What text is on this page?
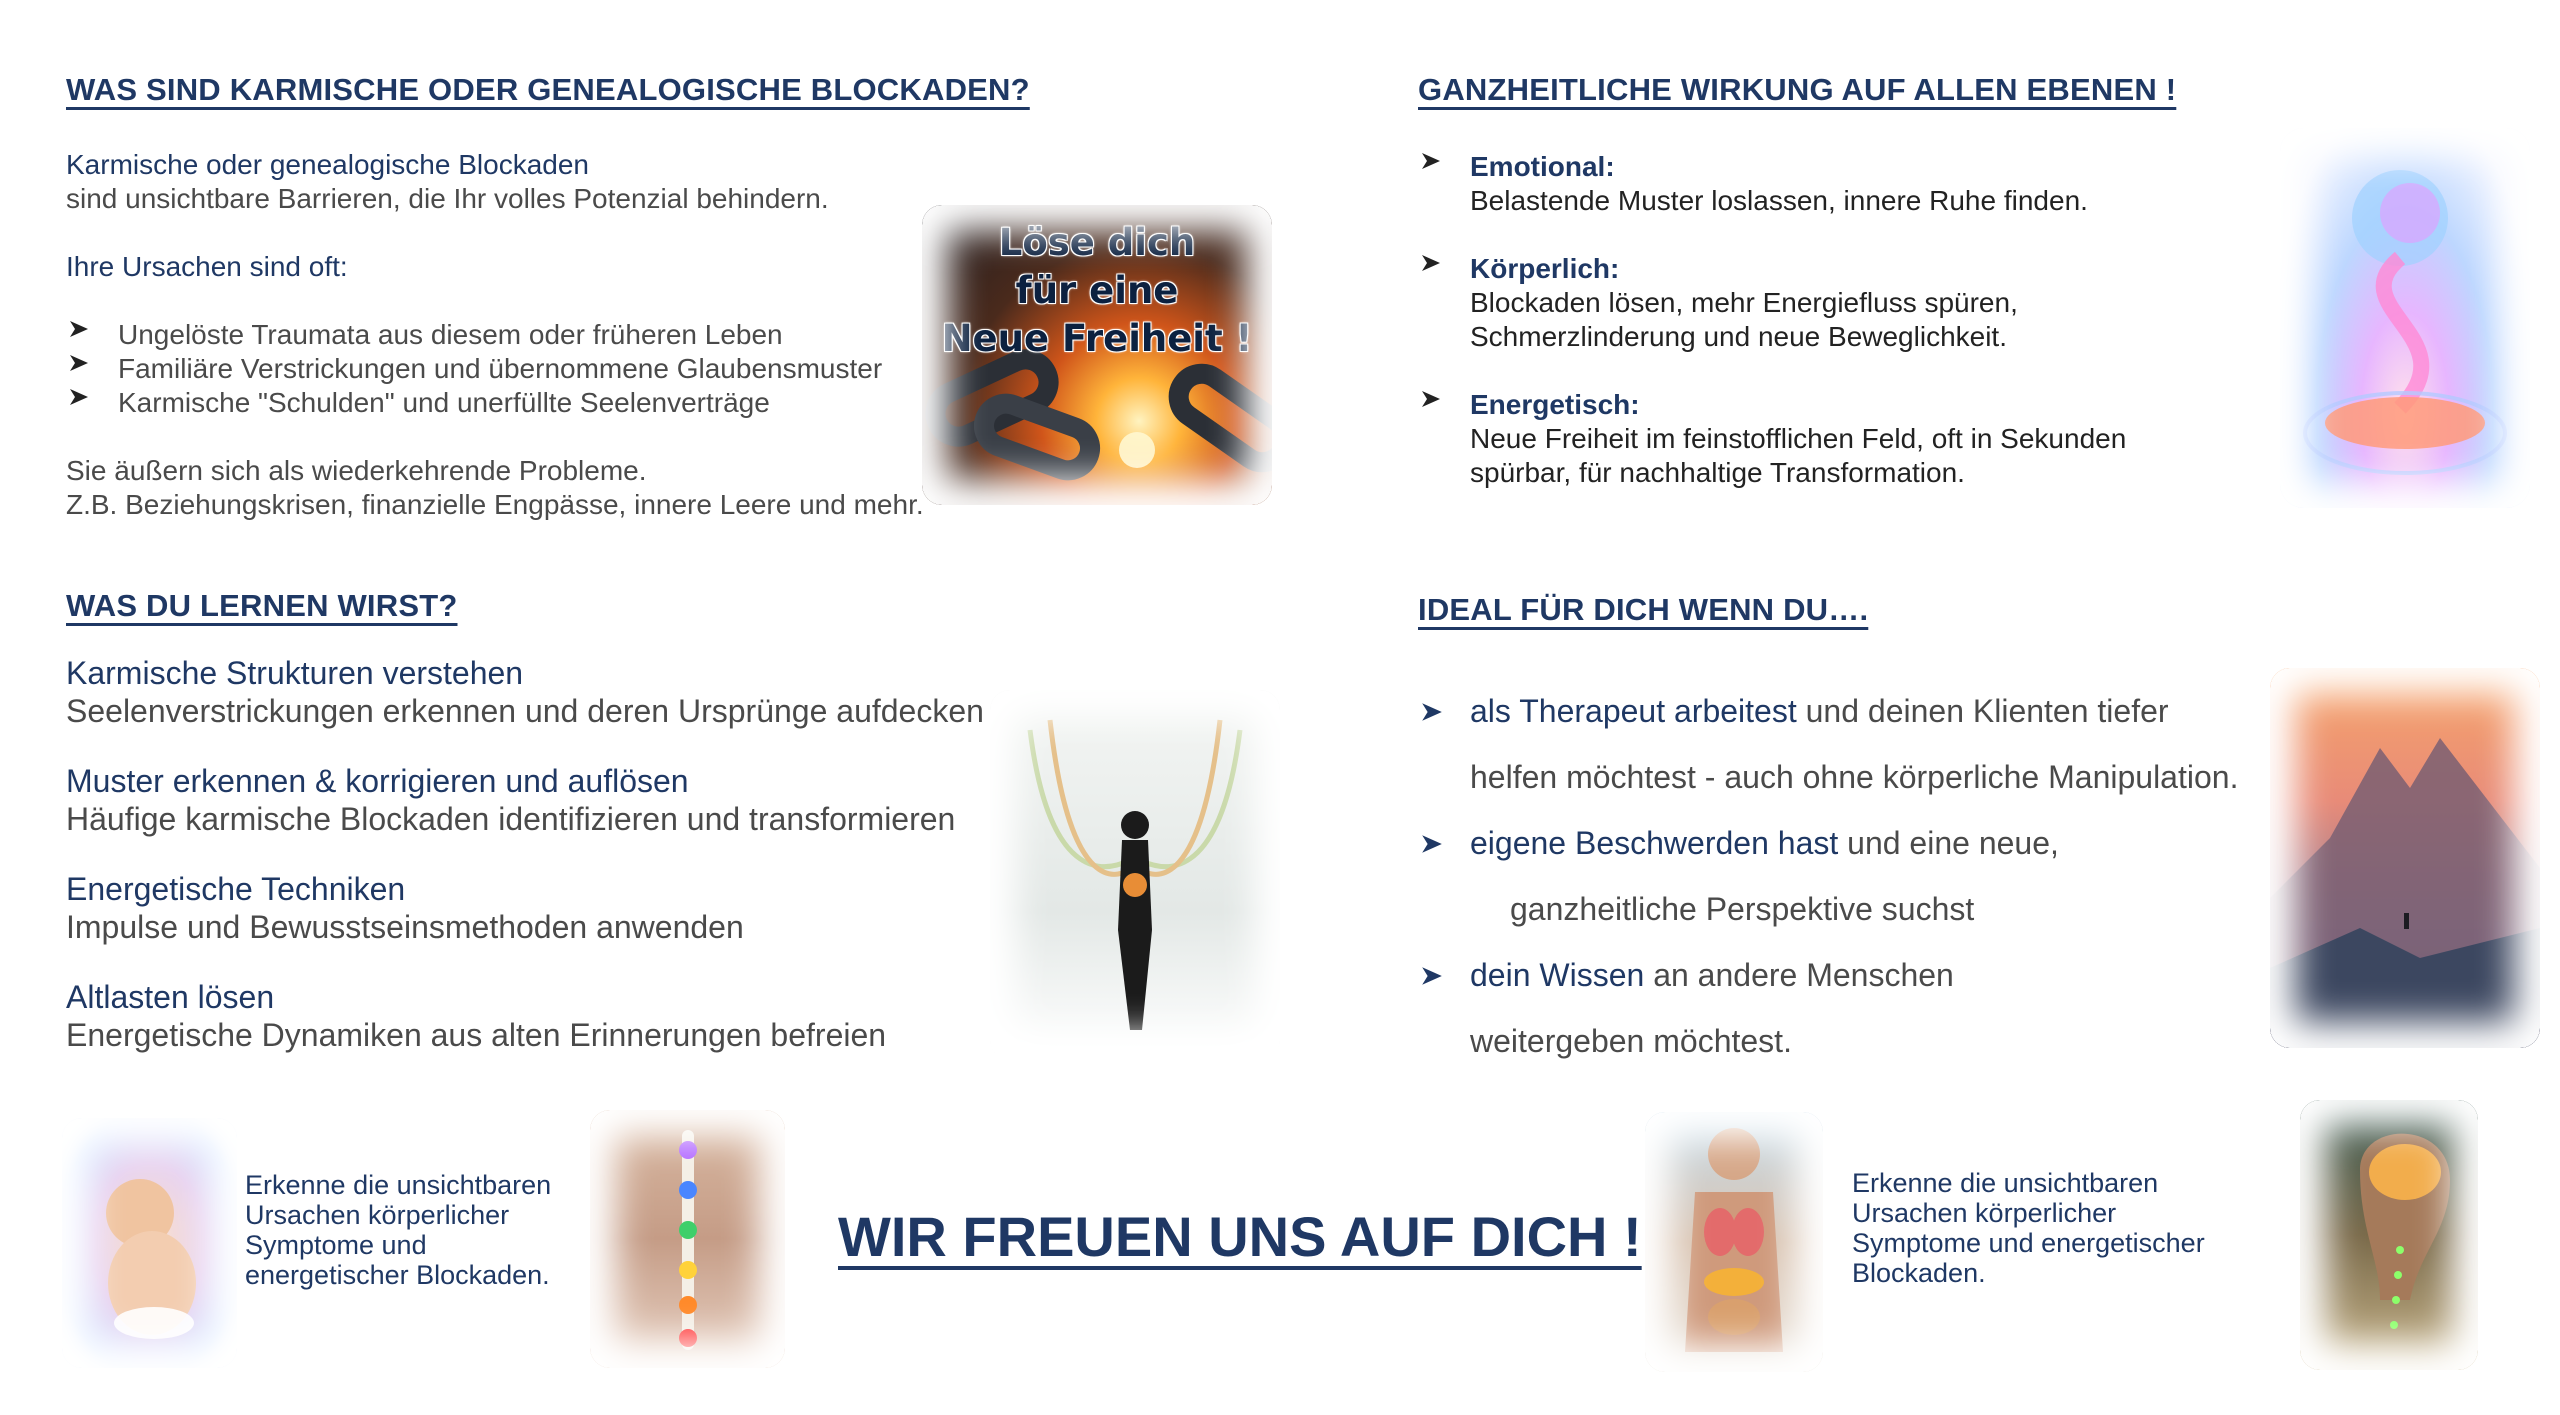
WAS SIND KARMISCHE ODER GENEALOGISCHE BLOCKADEN?
Karmische oder genealogische Blockaden
sind unsichtbare Barrieren, die Ihr volles Potenzial behindern.
Ihre Ursachen sind oft:
Ungelöste Traumata aus diesem oder früheren Leben
Familiäre Verstrickungen und übernommene Glaubensmuster
Karmische "Schulden" und unerfüllte Seelenverträge
Sie äußern sich als wiederkehrende Probleme.
Z.B. Beziehungskrisen, finanzielle Engpässe, innere Leere und mehr.
Löse dich
für eine
Neue Freiheit !
GANZHEITLICHE WIRKUNG AUF ALLEN EBENEN !
Emotional:
Belastende Muster loslassen, innere Ruhe finden.
Körperlich:
Blockaden lösen, mehr Energiefluss spüren,
Schmerzlinderung und neue Beweglichkeit.
Energetisch:
Neue Freiheit im feinstofflichen Feld, oft in Sekunden
spürbar, für nachhaltige Transformation.
WAS DU LERNEN WIRST?
Karmische Strukturen verstehen
Seelenverstrickungen erkennen und deren Ursprünge aufdecken
Muster erkennen & korrigieren und auflösen
Häufige karmische Blockaden identifizieren und transformieren
Energetische Techniken
Impulse und Bewusstseinsmethoden anwenden
Altlasten lösen
Energetische Dynamiken aus alten Erinnerungen befreien
IDEAL FÜR DICH WENN DU….
als Therapeut arbeitest und deinen Klienten tiefer
helfen möchtest - auch ohne körperliche Manipulation.
eigene Beschwerden hast und eine neue,
ganzheitliche Perspektive suchst
dein Wissen an andere Menschen
weitergeben möchtest.
Erkenne die unsichtbaren
Ursachen körperlicher
Symptome und
energetischer Blockaden.
WIR FREUEN UNS AUF DICH !
Erkenne die unsichtbaren
Ursachen körperlicher
Symptome und energetischer
Blockaden.
